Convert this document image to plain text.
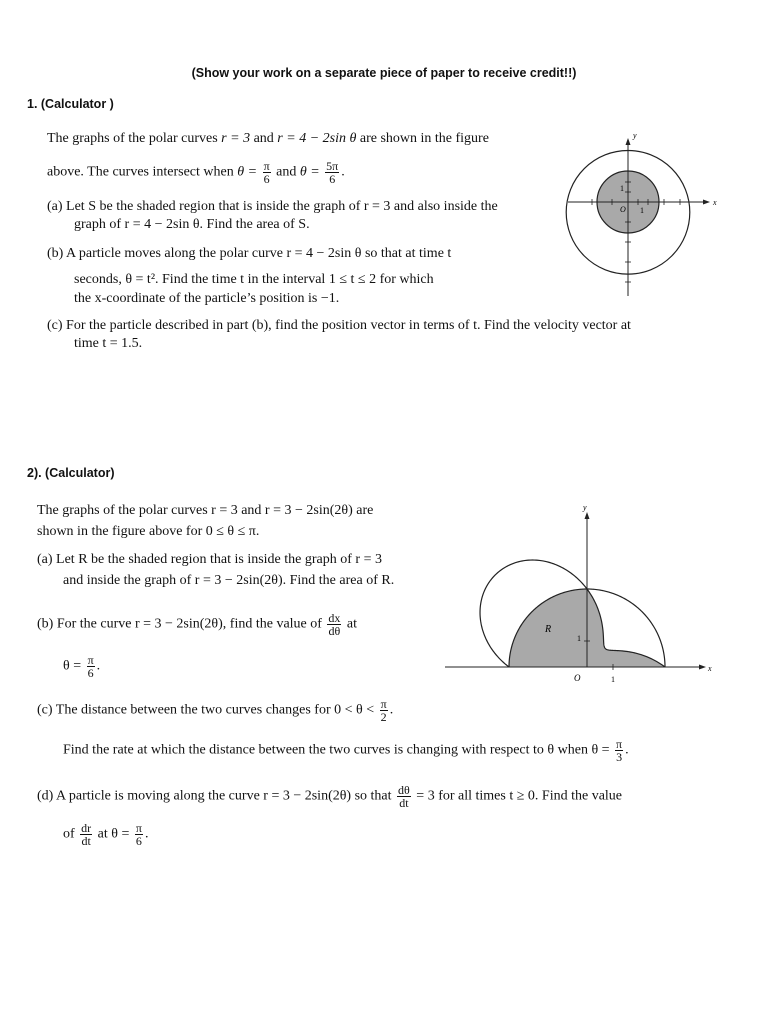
(Show your work on a separate piece of paper to receive credit!!)
1. (Calculator )
The graphs of the polar curves r = 3 and r = 4 − 2sin θ are shown in the figure
above. The curves intersect when $\theta = \frac{\pi}{6}$ and $\theta = \frac{5\pi}{6}$ .
(a) Let S be the shaded region that is inside the graph of r = 3 and also inside the
graph of r = 4 − 2sin θ. Find the area of S.
(b) A particle moves along the polar curve r = 4 − 2sin θ so that at time t
seconds, θ = t². Find the time t in the interval 1 ≤ t ≤ 2 for which
the x-coordinate of the particle’s position is −1.
(c) For the particle described in part (b), find the position vector in terms of t. Find the velocity vector at
time t = 1.5.
y
x
1
O 1
2). (Calculator)
The graphs of the polar curves r = 3 and r = 3 − 2sin(2θ) are
shown in the figure above for 0 ≤ θ ≤ π.
(a) Let R be the shaded region that is inside the graph of r = 3
and inside the graph of r = 3 − 2sin(2θ). Find the area of R.
(b) For the curve r = 3 − 2sin(2θ), find the value of $\frac{dx}{d\theta}$ at
$\theta = \frac{\pi}{6}$ .
(c) The distance between the two curves changes for $0 < \theta < \frac{\pi}{2}$ .
Find the rate at which the distance between the two curves is changing with respect to θ when $\theta = \frac{\pi}{3}$ .
(d) A particle is moving along the curve r = 3 − 2sin(2θ) so that $\frac{d\theta}{dt} = 3$ for all times t ≥ 0. Find the value
of $\frac{dr}{dt}$ at $\theta = \frac{\pi}{6}$ .
y
x
R
1
O	1
